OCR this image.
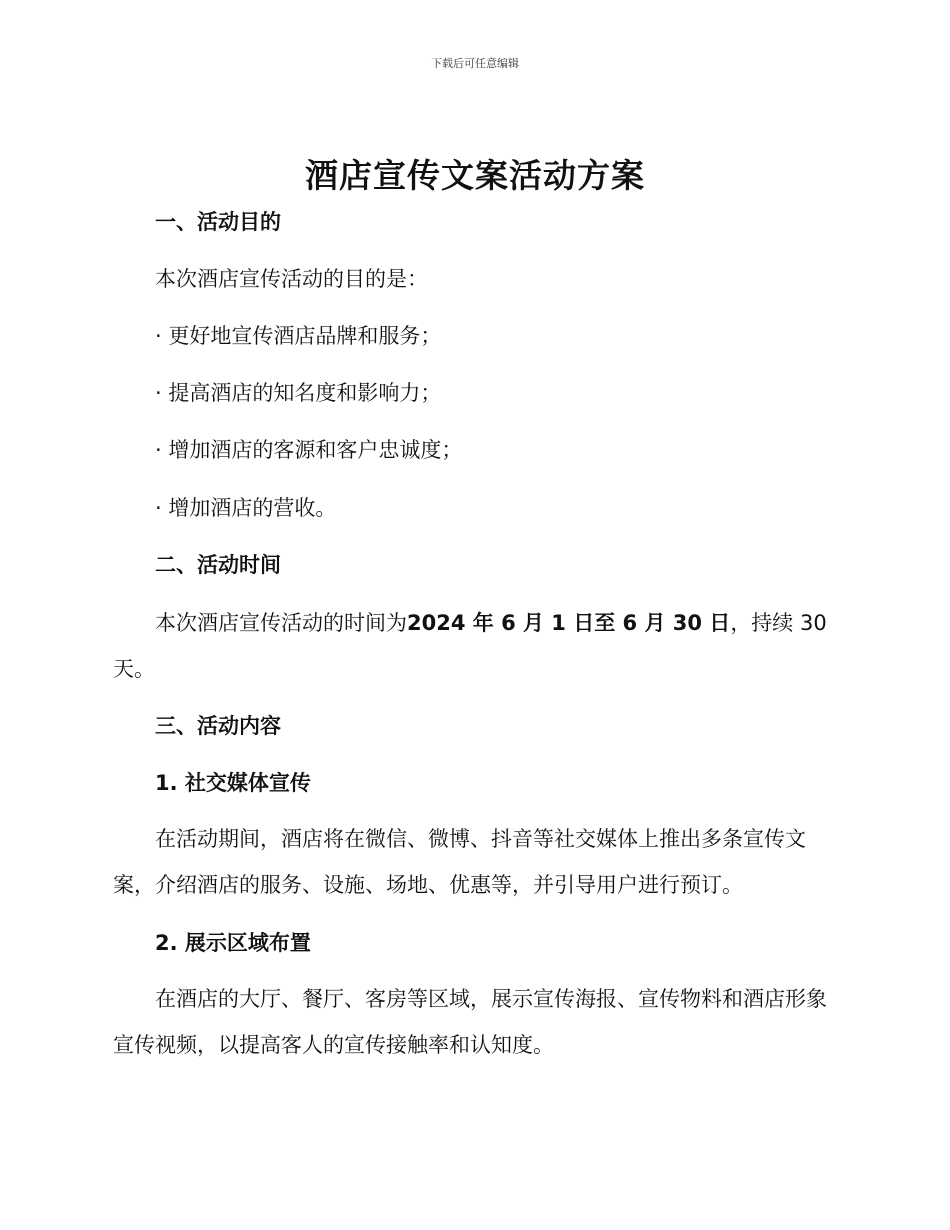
下载后可任意编辑
酒店宣传文案活动方案
一、活动目的
本次酒店宣传活动的目的是：
· 更好地宣传酒店品牌和服务；
· 提高酒店的知名度和影响力；
· 增加酒店的客源和客户忠诚度；
· 增加酒店的营收。
二、活动时间
本次酒店宣传活动的时间为2024 年 6 月 1 日至 6 月 30 日，持续 30
天。
三、活动内容
1. 社交媒体宣传

在活动期间，酒店将在微信、微博、抖音等社交媒体上推出多条宣传文案，介绍酒店的服务、设施、场地、优惠等，并引导用户进行预订。

2. 展示区域布置

在酒店的大厅、餐厅、客房等区域，展示宣传海报、宣传物料和酒店形象宣传视频，以提高客人的宣传接触率和认知度。
